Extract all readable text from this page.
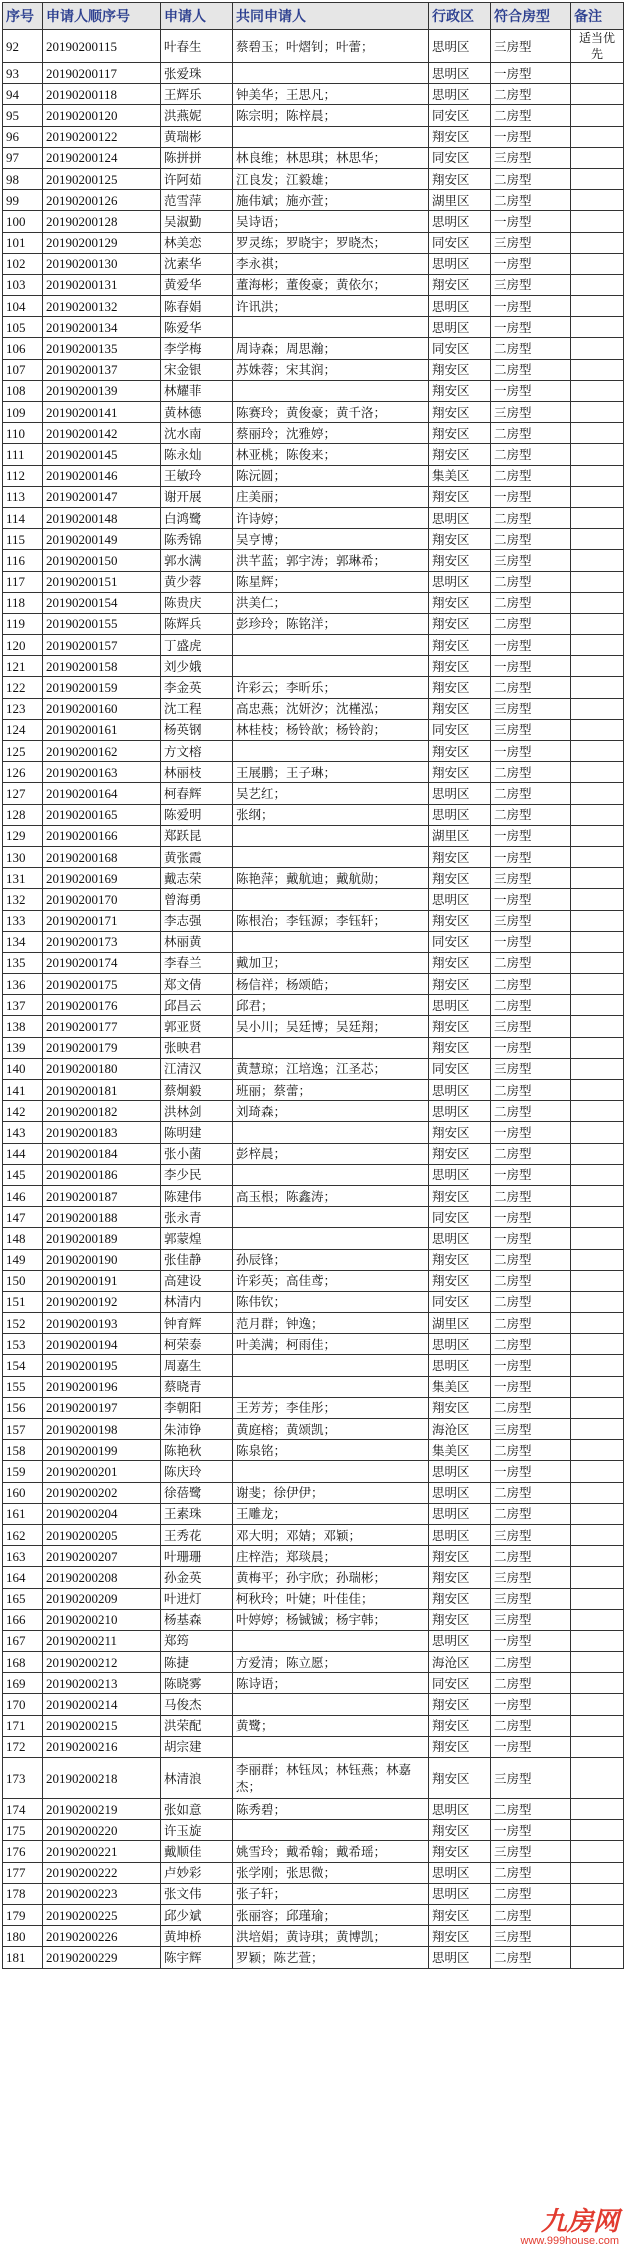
序号	申请人顺序号	申请人	共同申请人	行政区	符合房型	备注
92	20190200115	叶春生	蔡碧玉；叶熠钊；叶蕾；	思明区	三房型	适当优先
93	20190200117	张爱珠		思明区	一房型	
94	20190200118	王辉乐	钟美华；王思凡；	思明区	二房型	
95	20190200120	洪燕妮	陈宗明；陈梓晨；	同安区	二房型	
96	20190200122	黄瑞彬		翔安区	一房型	
97	20190200124	陈拼拼	林良维；林思琪；林思华；	同安区	三房型	
98	20190200125	许阿茹	江良发；江毅雄；	翔安区	二房型	
99	20190200126	范雪萍	施伟斌；施亦萱；	湖里区	二房型	
100	20190200128	吴淑勤	吴诗语；	思明区	一房型	
101	20190200129	林美恋	罗灵练；罗晓宇；罗晓杰；	同安区	三房型	
102	20190200130	沈素华	李永祺；	思明区	一房型	
103	20190200131	黄爱华	董海彬；董俊豪；黄依尔；	翔安区	三房型	
104	20190200132	陈春娟	许讯洪；	思明区	一房型	
105	20190200134	陈爱华		思明区	一房型	
106	20190200135	李学梅	周诗森；周思瀚；	同安区	二房型	
107	20190200137	宋金银	苏姝蓉；宋其润；	翔安区	二房型	
108	20190200139	林耀菲		翔安区	一房型	
109	20190200141	黄林德	陈赛玲；黄俊豪；黄千洛；	翔安区	三房型	
110	20190200142	沈水南	蔡丽玲；沈雅婷；	翔安区	二房型	
111	20190200145	陈永灿	林亚桃；陈俊来；	翔安区	二房型	
112	20190200146	王敏玲	陈沅圆；	集美区	二房型	
113	20190200147	谢开展	庄美丽；	翔安区	一房型	
114	20190200148	白鸿鹭	许诗婷；	思明区	二房型	
115	20190200149	陈秀锦	吴亨博；	翔安区	二房型	
116	20190200150	郭水满	洪芊蓝；郭宇涛；郭琳希；	翔安区	三房型	
117	20190200151	黄少蓉	陈星辉；	思明区	二房型	
118	20190200154	陈贵庆	洪美仁；	翔安区	二房型	
119	20190200155	陈辉兵	彭珍玲；陈铭洋；	翔安区	二房型	
120	20190200157	丁盛虎		翔安区	一房型	
121	20190200158	刘少娥		翔安区	一房型	
122	20190200159	李金英	许彩云；李昕乐；	翔安区	二房型	
123	20190200160	沈工程	高忠燕；沈妍汐；沈槿泓；	翔安区	三房型	
124	20190200161	杨英钢	林桂枝；杨铃歆；杨铃韵；	同安区	三房型	
125	20190200162	方文榕		翔安区	一房型	
126	20190200163	林丽枝	王展鹏；王子琳；	翔安区	二房型	
127	20190200164	柯春辉	吴艺红；	思明区	二房型	
128	20190200165	陈爱明	张纲；	思明区	二房型	
129	20190200166	郑跃昆		湖里区	一房型	
130	20190200168	黄张霞		翔安区	一房型	
131	20190200169	戴志荣	陈艳萍；戴航迪；戴航勋；	翔安区	三房型	
132	20190200170	曾海勇		思明区	一房型	
133	20190200171	李志强	陈根治；李钰源；李钰轩；	翔安区	三房型	
134	20190200173	林丽黄		同安区	一房型	
135	20190200174	李春兰	戴加卫；	翔安区	二房型	
136	20190200175	郑文倩	杨信祥；杨颂皓；	翔安区	二房型	
137	20190200176	邱昌云	邱君；	思明区	二房型	
138	20190200177	郭亚贤	吴小川；吴廷博；吴廷翔；	翔安区	三房型	
139	20190200179	张映君		翔安区	一房型	
140	20190200180	江清汉	黄慧琼；江培逸；江圣芯；	同安区	三房型	
141	20190200181	蔡炯毅	班丽；蔡蕾；	思明区	二房型	
142	20190200182	洪林剑	刘琦森；	思明区	二房型	
143	20190200183	陈明建		翔安区	一房型	
144	20190200184	张小菌	彭梓晨；	翔安区	二房型	
145	20190200186	李少民		思明区	一房型	
146	20190200187	陈建伟	高玉根；陈鑫涛；	翔安区	二房型	
147	20190200188	张永青		同安区	一房型	
148	20190200189	郭蒙煌		思明区	一房型	
149	20190200190	张佳静	孙辰锋；	翔安区	二房型	
150	20190200191	高建设	许彩英；高佳鸢；	翔安区	二房型	
151	20190200192	林清内	陈伟钦；	同安区	二房型	
152	20190200193	钟育辉	范月群；钟逸；	湖里区	二房型	
153	20190200194	柯荣泰	叶美满；柯雨佳；	思明区	二房型	
154	20190200195	周嘉生		思明区	一房型	
155	20190200196	蔡晓青		集美区	一房型	
156	20190200197	李朝阳	王芳芳；李佳彤；	翔安区	二房型	
157	20190200198	朱沛铮	黄庭榕；黄颂凯；	海沧区	三房型	
158	20190200199	陈艳秋	陈泉铭；	集美区	二房型	
159	20190200201	陈庆玲		思明区	一房型	
160	20190200202	徐蓓鹭	谢斐；徐伊伊；	思明区	二房型	
161	20190200204	王素珠	王雕龙；	思明区	二房型	
162	20190200205	王秀花	邓大明；邓婧；邓颖；	思明区	三房型	
163	20190200207	叶珊珊	庄梓浩；郑琰晨；	翔安区	二房型	
164	20190200208	孙金英	黄梅平；孙宇欣；孙瑞彬；	翔安区	三房型	
165	20190200209	叶进灯	柯秋玲；叶婕；叶佳佳；	翔安区	三房型	
166	20190200210	杨基森	叶婷婷；杨铖铖；杨宇韩；	翔安区	三房型	
167	20190200211	郑筠		思明区	一房型	
168	20190200212	陈捷	方爱清；陈立愿；	海沧区	二房型	
169	20190200213	陈晓雾	陈诗语；	同安区	二房型	
170	20190200214	马俊杰		翔安区	一房型	
171	20190200215	洪荣配	黄鹭；	翔安区	二房型	
172	20190200216	胡宗建		翔安区	一房型	
173	20190200218	林清浪	李丽群；林钰凤；林钰燕；林嘉杰；	翔安区	三房型	
174	20190200219	张如意	陈秀碧；	思明区	二房型	
175	20190200220	许玉旋		翔安区	一房型	
176	20190200221	戴顺佳	姚雪玲；戴希翰；戴希瑶；	翔安区	三房型	
177	20190200222	卢妙彩	张学刚；张思微；	思明区	二房型	
178	20190200223	张文伟	张子轩；	思明区	二房型	
179	20190200225	邱少斌	张丽容；邱瑾瑜；	翔安区	二房型	
180	20190200226	黄坤桥	洪培娟；黄诗琪；黄博凯；	翔安区	三房型	
181	20190200229	陈宇辉	罗颖；陈艺萱；	思明区	二房型	
九房网
www.999house.com
